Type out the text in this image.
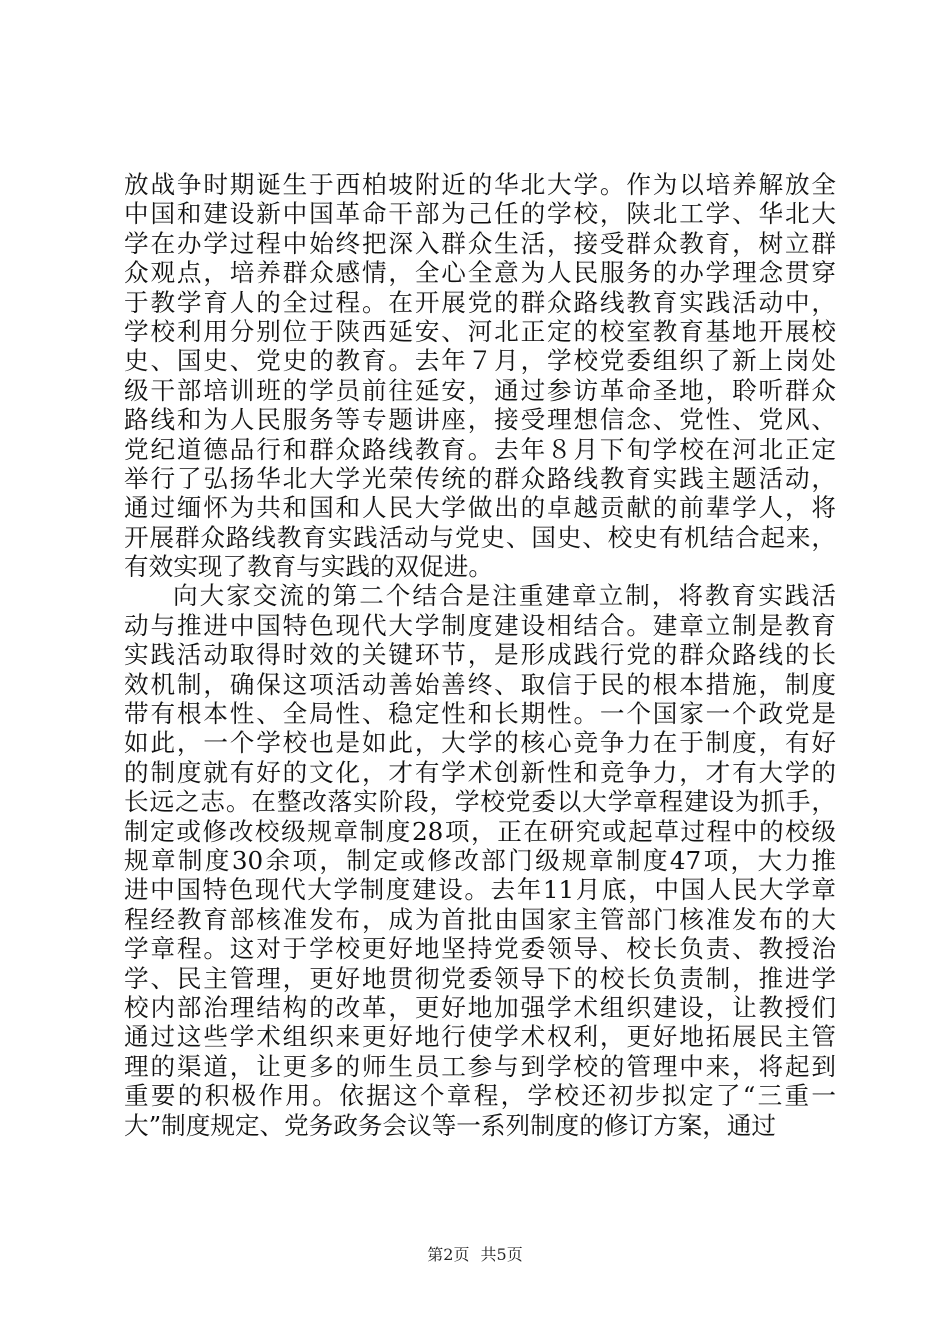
放战争时期诞生于西柏坡附近的华北大学。作为以培养解放全
中国和建设新中国革命干部为己任的学校，陕北工学、华北大
学在办学过程中始终把深入群众生活，接受群众教育，树立群
众观点，培养群众感情，全心全意为人民服务的办学理念贯穿
于教学育人的全过程。在开展党的群众路线教育实践活动中，
学校利用分别位于陕西延安、河北正定的校室教育基地开展校
史、国史、党史的教育。去年７月，学校党委组织了新上岗处
级干部培训班的学员前往延安，通过参访革命圣地，聆听群众
路线和为人民服务等专题讲座，接受理想信念、党性、党风、
党纪道德品行和群众路线教育。去年８月下旬学校在河北正定
举行了弘扬华北大学光荣传统的群众路线教育实践主题活动，
通过缅怀为共和国和人民大学做出的卓越贡献的前辈学人，将
开展群众路线教育实践活动与党史、国史、校史有机结合起来，
有效实现了教育与实践的双促进。
向大家交流的第二个结合是注重建章立制，将教育实践活
动与推进中国特色现代大学制度建设相结合。建章立制是教育
实践活动取得时效的关键环节，是形成践行党的群众路线的长
效机制，确保这项活动善始善终、取信于民的根本措施，制度
带有根本性、全局性、稳定性和长期性。一个国家一个政党是
如此，一个学校也是如此，大学的核心竞争力在于制度，有好
的制度就有好的文化，才有学术创新性和竞争力，才有大学的
长远之志。在整改落实阶段，学校党委以大学章程建设为抓手，
制定或修改校级规章制度28项，正在研究或起草过程中的校级
规章制度30余项，制定或修改部门级规章制度47项，大力推
进中国特色现代大学制度建设。去年11月底，中国人民大学章
程经教育部核准发布，成为首批由国家主管部门核准发布的大
学章程。这对于学校更好地坚持党委领导、校长负责、教授治
学、民主管理，更好地贯彻党委领导下的校长负责制，推进学
校内部治理结构的改革，更好地加强学术组织建设，让教授们
通过这些学术组织来更好地行使学术权利，更好地拓展民主管
理的渠道，让更多的师生员工参与到学校的管理中来，将起到
重要的积极作用。依据这个章程，学校还初步拟定了“三重一
大”制度规定、党务政务会议等一系列制度的修订方案，通过
第2页 共5页
